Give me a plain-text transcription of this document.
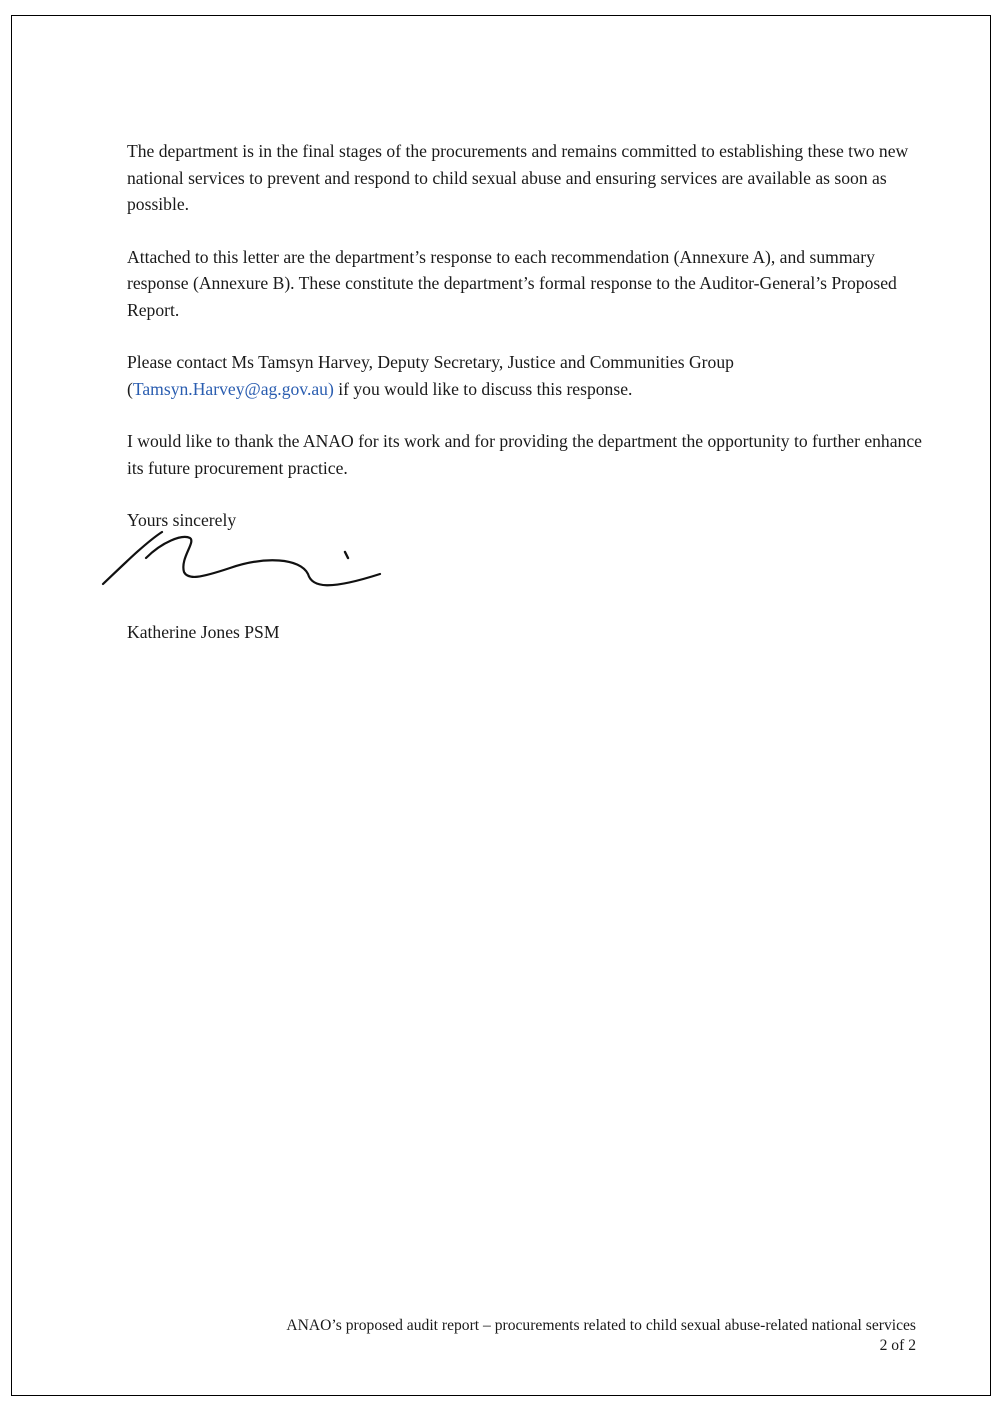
The department is in the final stages of the procurements and remains committed to establishing these two new national services to prevent and respond to child sexual abuse and ensuring services are available as soon as possible.

Attached to this letter are the department’s response to each recommendation (Annexure A), and summary response (Annexure B). These constitute the department’s formal response to the Auditor-General’s Proposed Report.

Please contact Ms Tamsyn Harvey, Deputy Secretary, Justice and Communities Group (Tamsyn.Harvey@ag.gov.au) if you would like to discuss this response.

I would like to thank the ANAO for its work and for providing the department the opportunity to further enhance its future procurement practice.

Yours sincerely

Katherine Jones PSM
ANAO’s proposed audit report – procurements related to child sexual abuse-related national services
2 of 2
